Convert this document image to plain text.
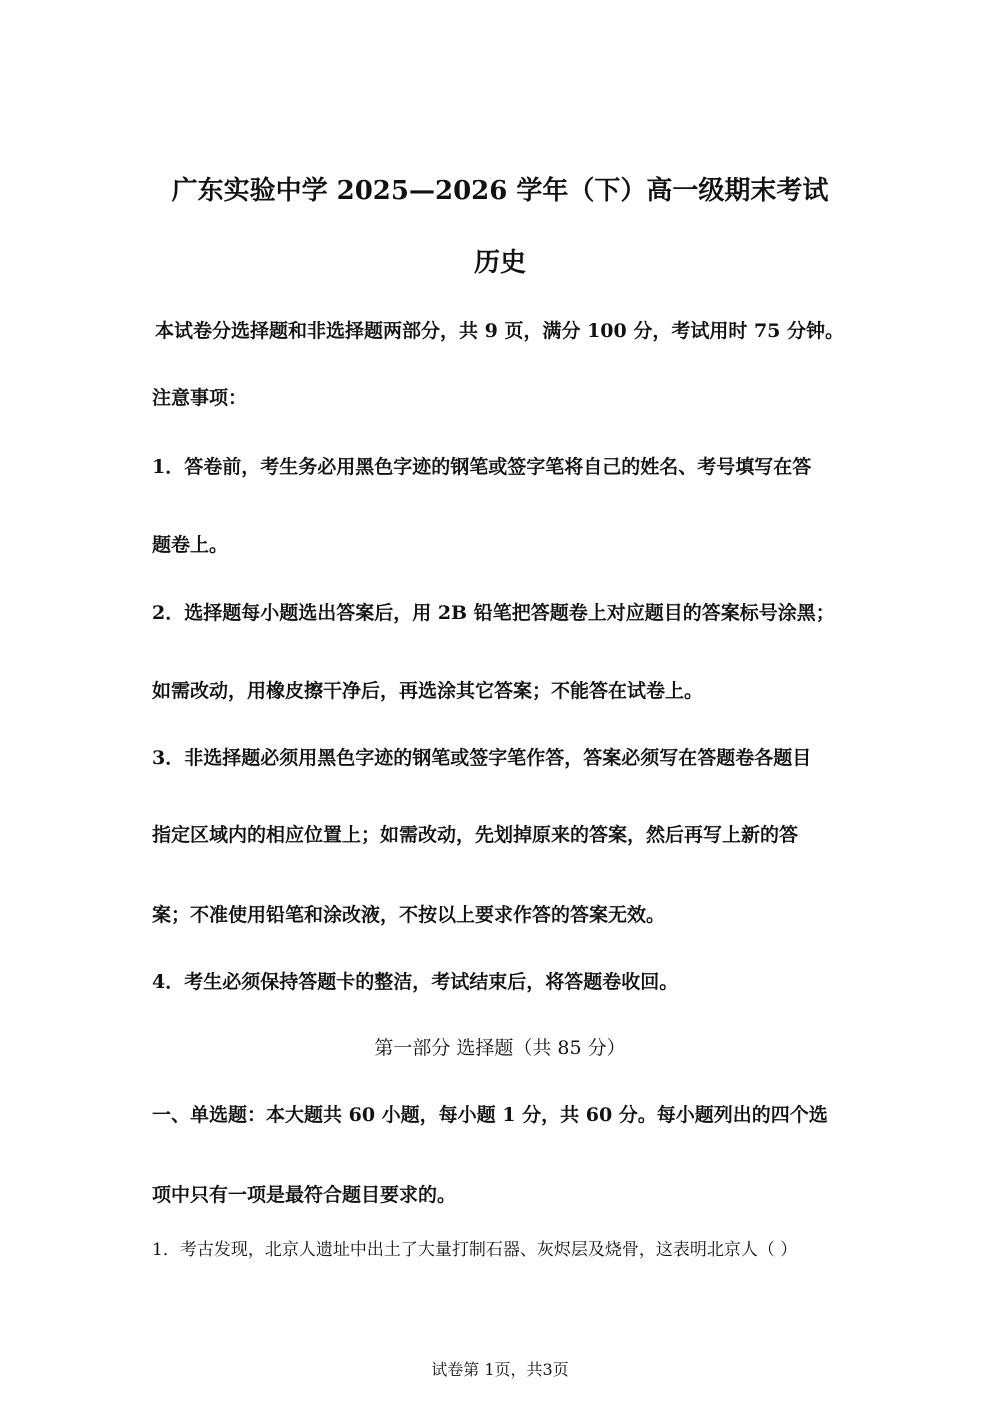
广东实验中学 2025—2026 学年（下）高一级期末考试
历史
本试卷分选择题和非选择题两部分，共 9 页，满分 100 分，考试用时 75 分钟。
注意事项：
1．答卷前，考生务必用黑色字迹的钢笔或签字笔将自己的姓名、考号填写在答
题卷上。
2．选择题每小题选出答案后，用 2B 铅笔把答题卷上对应题目的答案标号涂黑；
如需改动，用橡皮擦干净后，再选涂其它答案；不能答在试卷上。
3．非选择题必须用黑色字迹的钢笔或签字笔作答，答案必须写在答题卷各题目
指定区域内的相应位置上；如需改动，先划掉原来的答案，然后再写上新的答
案；不准使用铅笔和涂改液，不按以上要求作答的答案无效。
4．考生必须保持答题卡的整洁，考试结束后，将答题卷收回。
第一部分 选择题（共 85 分）
一、单选题：本大题共 60 小题，每小题 1 分，共 60 分。每小题列出的四个选
项中只有一项是最符合题目要求的。
1．考古发现，北京人遗址中出土了大量打制石器、灰烬层及烧骨，这表明北京人（ ）
试卷第 1页，共3页
